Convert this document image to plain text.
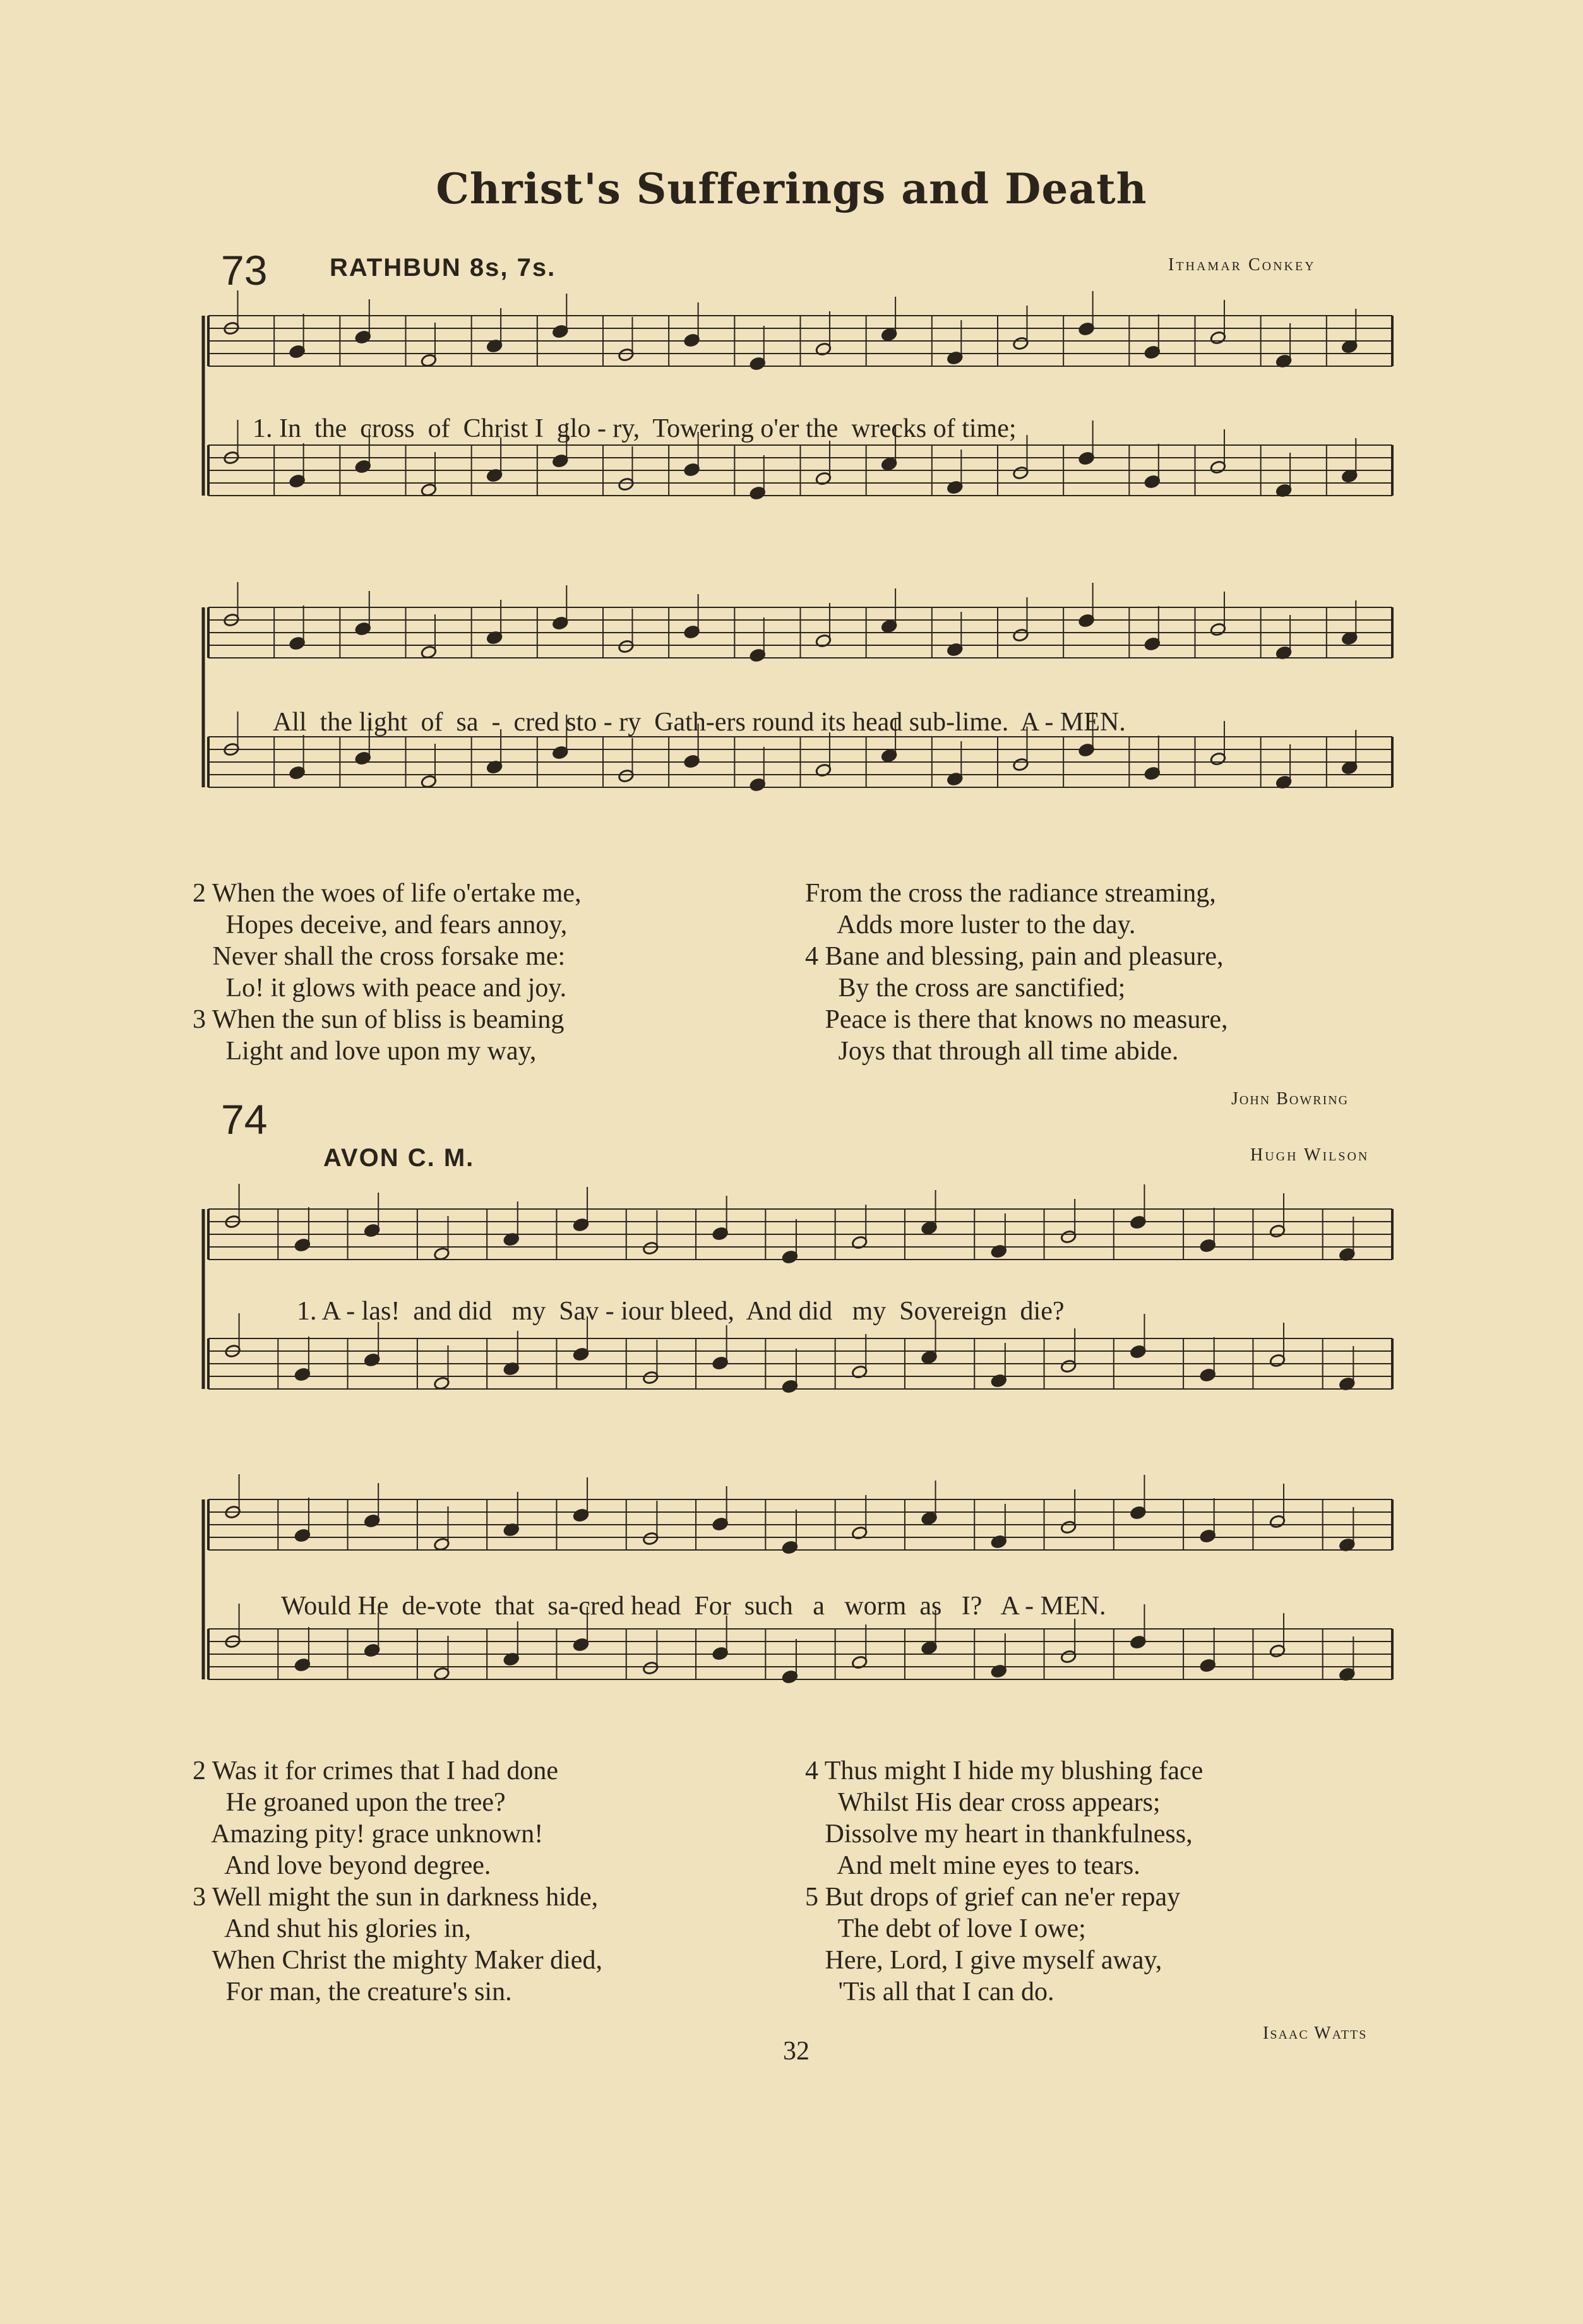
Christ's Sufferings and Death
73 RATHBUN 8s, 7s.	Ithamar Conkey
1. In  the  cross  of  Christ I  glo - ry,  Towering o'er the  wrecks of time;
All  the light  of  sa  -  cred sto - ry  Gath-ers round its head sub-lime.  A - MEN.
2 When the woes of life o'ertake me,
Hopes deceive, and fears annoy,
Never shall the cross forsake me:
Lo! it glows with peace and joy.
3 When the sun of bliss is beaming
Light and love upon my way,
From the cross the radiance streaming,
Adds more luster to the day.
4 Bane and blessing, pain and pleasure,
By the cross are sanctified;
Peace is there that knows no measure,
Joys that through all time abide.
John Bowring
74
AVON C. M.	Hugh Wilson
1. A - las!  and did   my  Sav - iour bleed,  And did   my  Sovereign  die?
Would He  de-vote  that  sa-cred head  For  such   a   worm  as   I?   A - MEN.
2 Was it for crimes that I had done
He groaned upon the tree?
Amazing pity! grace unknown!
And love beyond degree.
3 Well might the sun in darkness hide,
And shut his glories in,
When Christ the mighty Maker died,
For man, the creature's sin.
4 Thus might I hide my blushing face
Whilst His dear cross appears;
Dissolve my heart in thankfulness,
And melt mine eyes to tears.
5 But drops of grief can ne'er repay
The debt of love I owe;
Here, Lord, I give myself away,
'Tis all that I can do.
Isaac Watts
32
